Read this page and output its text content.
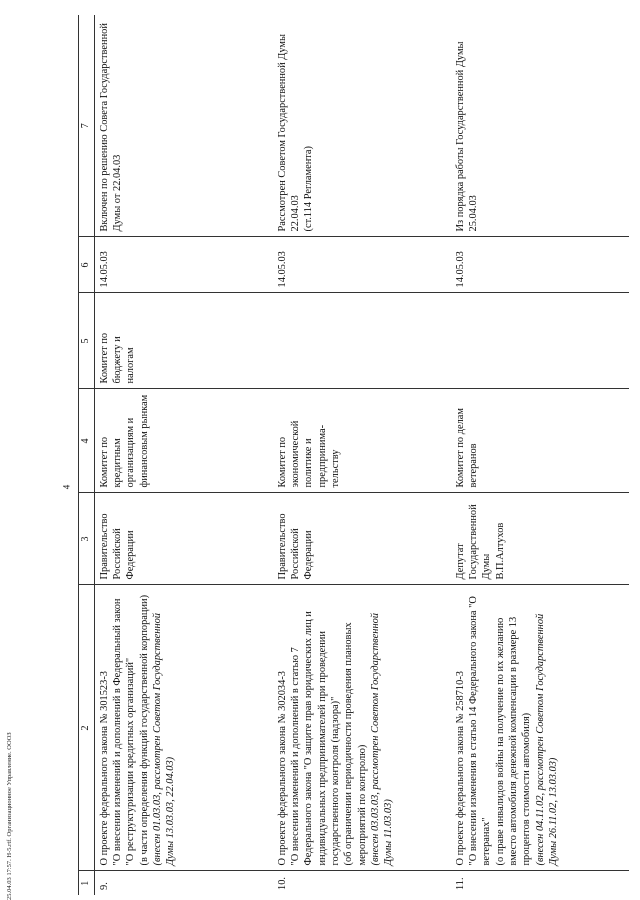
4
25.04.03 17:57. Н-5.rtf. Организационное Управление. ОООЗ	1	2	3	4	5	6	7
9.	О проекте федерального закона № 301523-3 "О внесении изменений и дополнений в Федеральный закон "О реструктуризации кредитных организаций"
(в части определения функций государственной корпорации) (внесен 01.03.03, рассмотрен Советом Государственной Думы 13.03.03, 22.04.03)	Правительство Российской Федерации	Комитет по кредитным организациям и финансовым рынкам	Комитет по бюджету и налогам	14.05.03	Включен по решению Совета Государственной Думы от 22.04.03
10.	О проекте федерального закона № 302034-3 "О внесении изменений и дополнений в статью 7 Федерального закона "О защите прав юридических лиц и индивидуальных предпринимателей при проведении государственного контроля (надзора)"
(об ограничении периодичности проведения плановых мероприятий по контролю) (внесен 03.03.03, рассмотрен Советом Государственной Думы 11.03.03)	Правительство Российской Федерации	Комитет по экономической политике и предпринима-тельству		14.05.03	Рассмотрен Советом Государственной Думы 22.04.03
(ст.114 Регламента)
11.	О проекте федерального закона № 258710-3 "О внесении изменения в статью 14 Федерального закона "О ветеранах"
(о праве инвалидов войны на получение по их желанию вместо автомобиля денежной компенсации в размере 13 процентов стоимости автомобиля) (внесен 04.11.02, рассмотрен Советом Государственной Думы 26.11.02, 13.03.03)	Депутат Государственной Думы В.П.Алтухов	Комитет по делам ветеранов		14.05.03	Из порядка работы Государственной Думы 25.04.03
